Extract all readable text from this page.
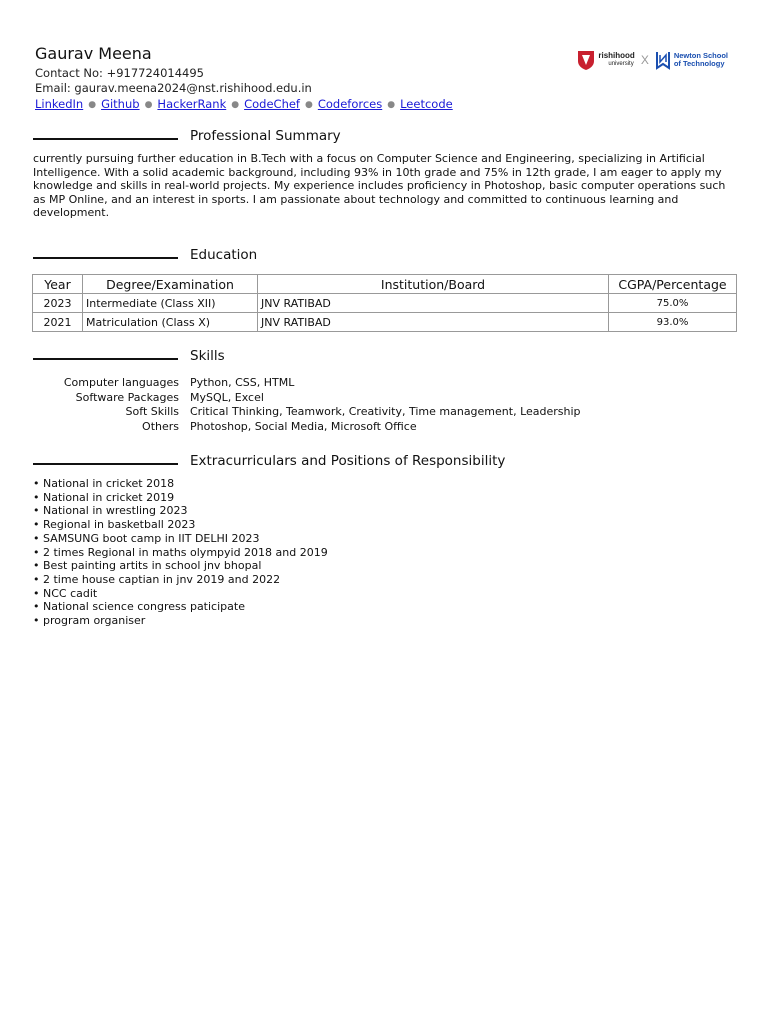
Gaurav Meena
Contact No: +917724014495
Email: gaurav.meena2024@nst.rishihood.edu.in
LinkedIn ● Github ● HackerRank ● CodeChef ● Codeforces ● Leetcode
rishihood
university X	Newton School
of Technology
Professional Summary
currently pursuing further education in B.Tech with a focus on Computer Science and Engineering, specializing in Artificial Intelligence. With a solid academic background, including 93% in 10th grade and 75% in 12th grade, I am eager to apply my knowledge and skills in real-world projects. My experience includes proficiency in Photoshop, basic computer operations such as MP Online, and an interest in sports. I am passionate about technology and committed to continuous learning and development.
Education
Year	Degree/Examination	Institution/Board	CGPA/Percentage
2023	Intermediate (Class XII)	JNV RATIBAD	75.0%
2021	Matriculation (Class X)	JNV RATIBAD	93.0%
Skills
Computer languages	Python, CSS, HTML
Software Packages	MySQL, Excel
Soft Skills	Critical Thinking, Teamwork, Creativity, Time management, Leadership
Others	Photoshop, Social Media, Microsoft Office
Extracurriculars and Positions of Responsibility
• National in cricket 2018
• National in cricket 2019
• National in wrestling 2023
• Regional in basketball 2023
• SAMSUNG boot camp in IIT DELHI 2023
• 2 times Regional in maths olympyid 2018 and 2019
• Best painting artits in school jnv bhopal
• 2 time house captian in jnv 2019 and 2022
• NCC cadit
• National science congress paticipate
• program organiser
